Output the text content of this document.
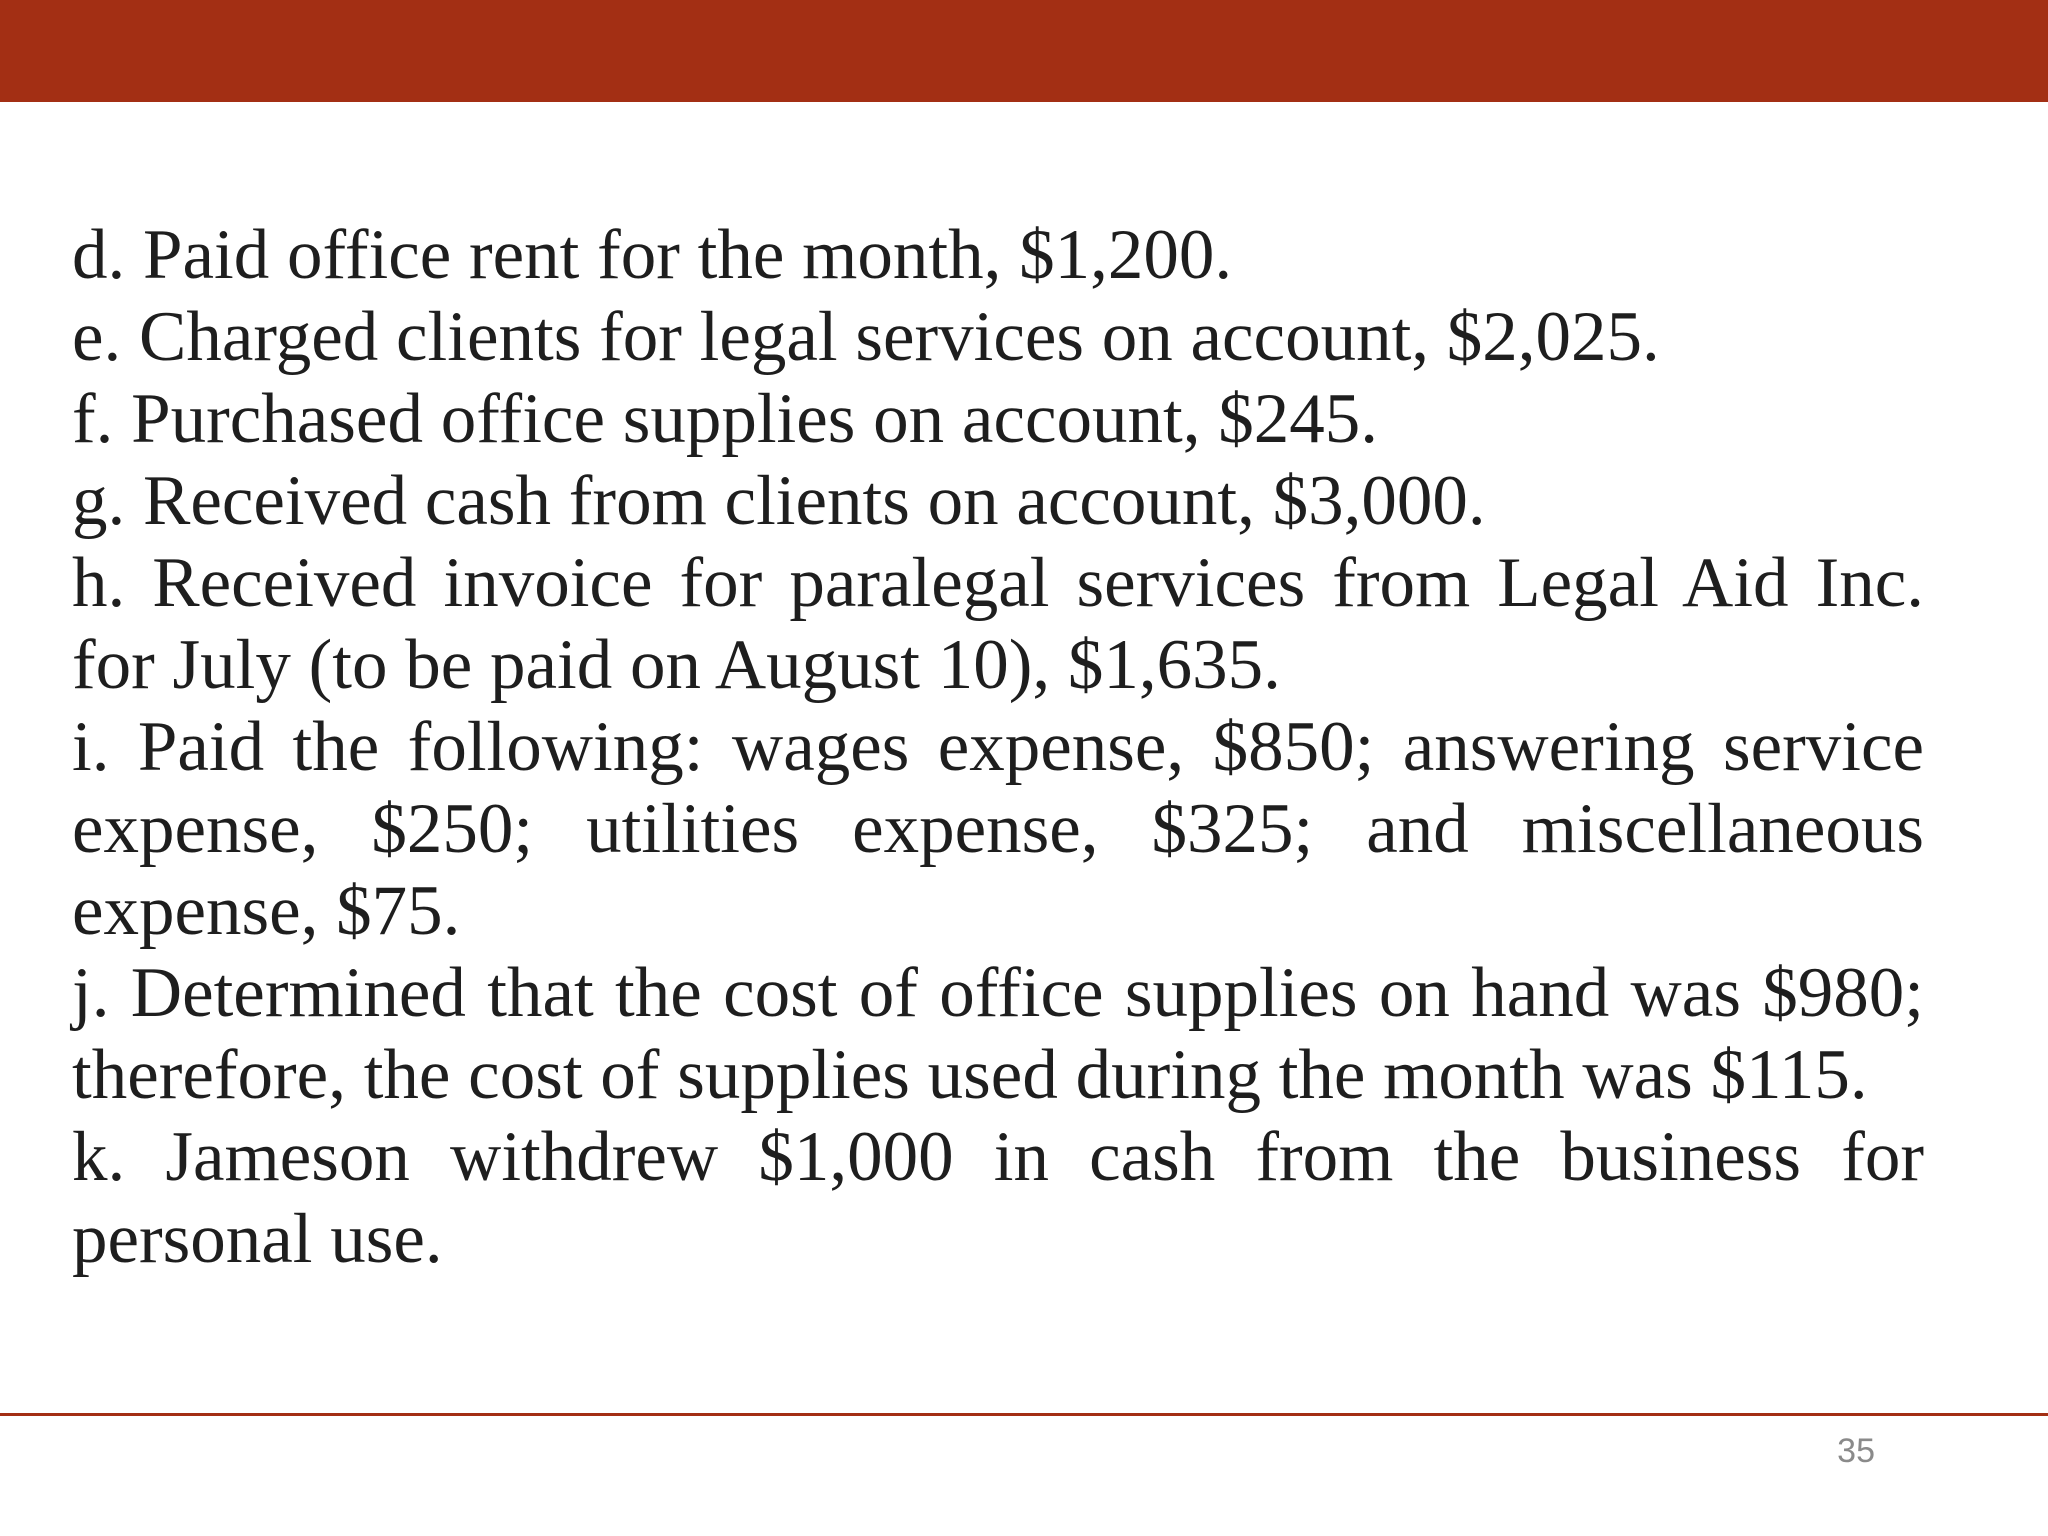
d. Paid office rent for the month, $1,200.

e. Charged clients for legal services on account, $2,025.

f. Purchased office supplies on account, $245.

g. Received cash from clients on account, $3,000.

h. Received invoice for paralegal services from Legal Aid Inc. for July (to be paid on August 10), $1,635.

i. Paid the following: wages expense, $850; answering service expense, $250; utilities expense, $325; and miscellaneous expense, $75.

j. Determined that the cost of office supplies on hand was $980; therefore, the cost of supplies used during the month was $115.

k. Jameson withdrew $1,000 in cash from the business for personal use.

35
